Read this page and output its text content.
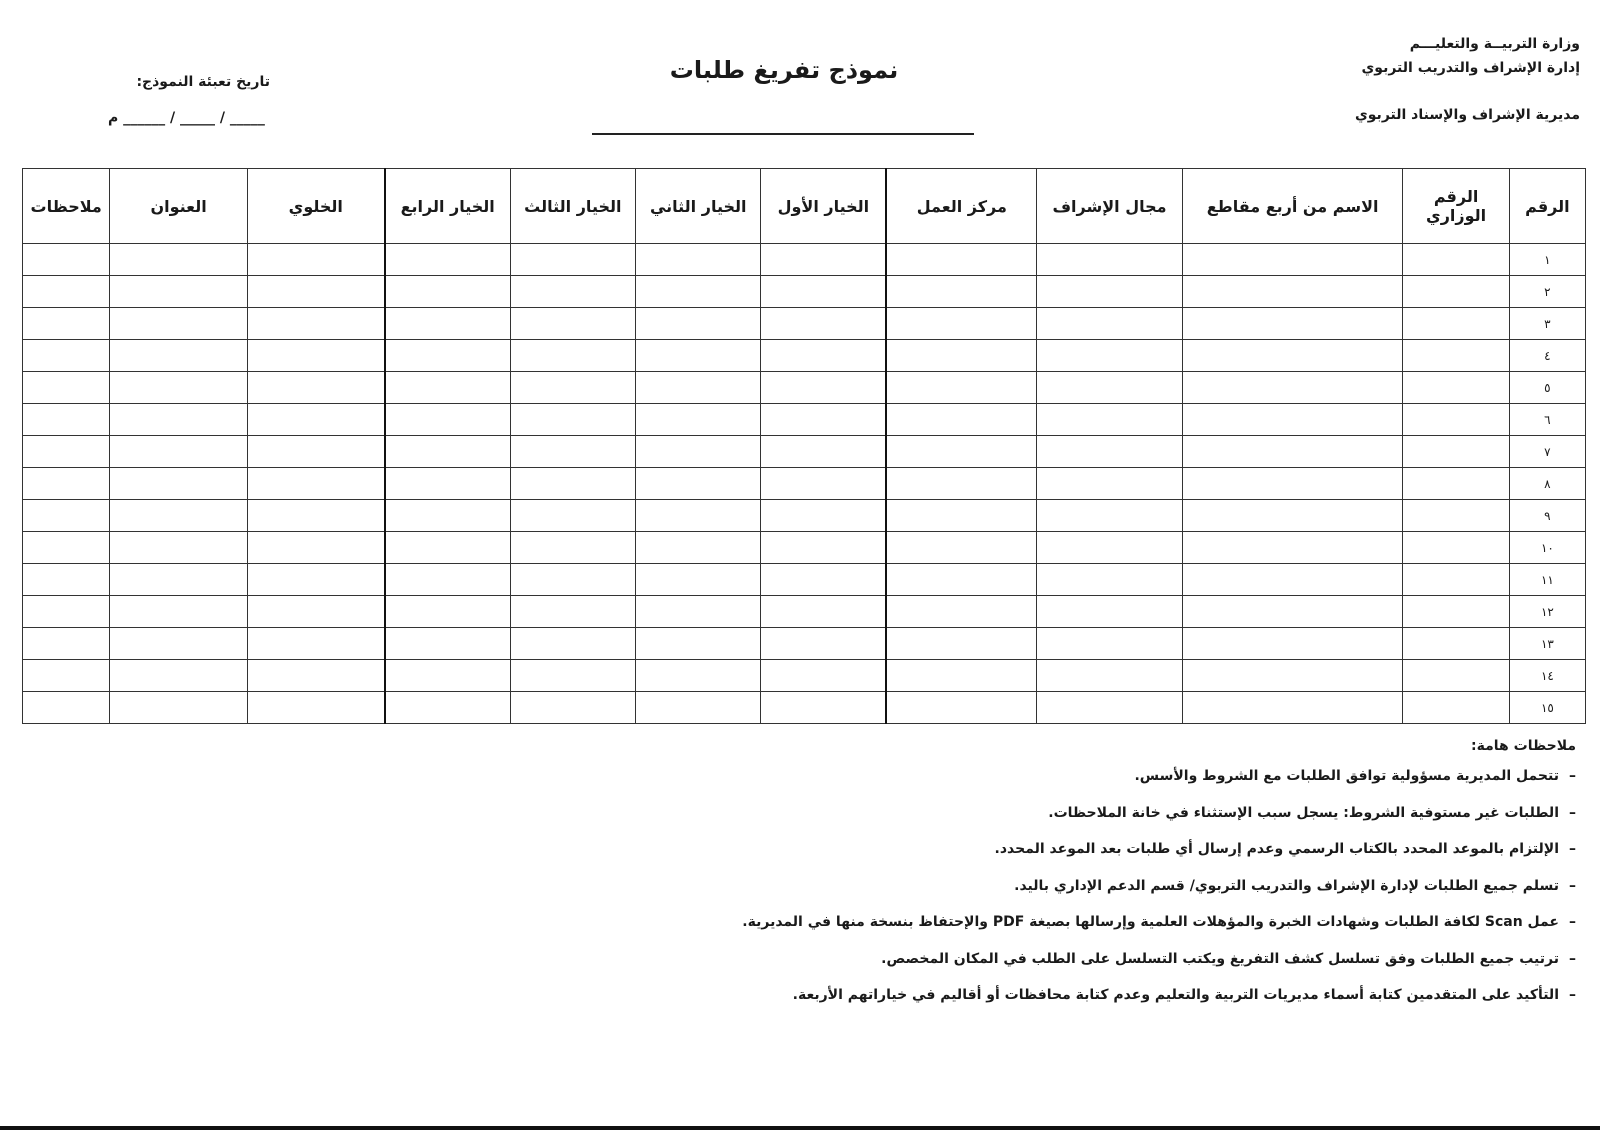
وزارة التربيــة والتعليـــم
إدارة الإشراف والتدريب التربوي
مديرية الإشراف والإسناد التربوي
نموذج تفريغ طلبات
تاريخ تعبئة النموذج:
م ______ / _____ / _____
الرقم	الرقم الوزاري	الاسم من أربع مقاطع	مجال الإشراف	مركز العمل	الخيار الأول	الخيار الثاني	الخيار الثالث	الخيار الرابع	الخلوي	العنوان	ملاحظات
١											
٢											
٣											
٤											
٥											
٦											
٧											
٨											
٩											
١٠											
١١											
١٢											
١٣											
١٤											
١٥											
ملاحظات هامة:
–تتحمل المديرية مسؤولية توافق الطلبات مع الشروط والأسس.
–الطلبات غير مستوفية الشروط: يسجل سبب الإستثناء في خانة الملاحظات.
–الإلتزام بالموعد المحدد بالكتاب الرسمي وعدم إرسال أي طلبات بعد الموعد المحدد.
–تسلم جميع الطلبات لإدارة الإشراف والتدريب التربوي/ قسم الدعم الإداري باليد.
–عمل Scan لكافة الطلبات وشهادات الخبرة والمؤهلات العلمية وإرسالها بصيغة PDF والإحتفاظ بنسخة منها في المديرية.
–ترتيب جميع الطلبات وفق تسلسل كشف التفريغ ويكتب التسلسل على الطلب في المكان المخصص.
–التأكيد على المتقدمين كتابة أسماء مديريات التربية والتعليم وعدم كتابة محافظات أو أقاليم في خياراتهم الأربعة.
